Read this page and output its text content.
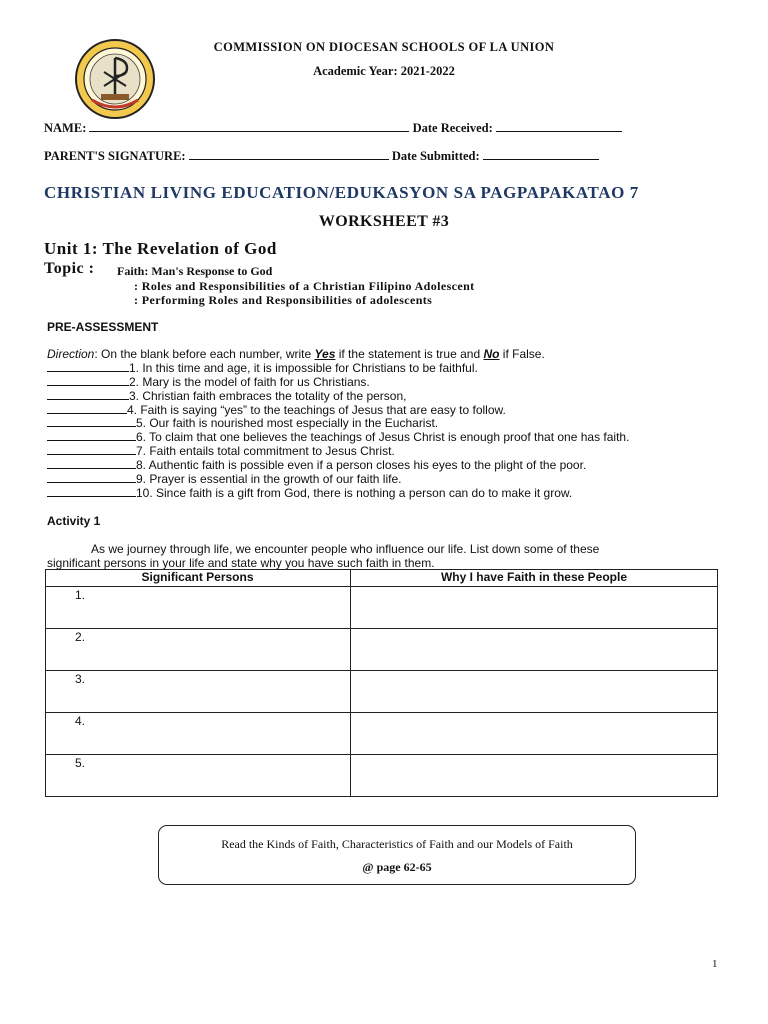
COMMISSION ON DIOCESAN SCHOOLS OF LA UNION
Academic Year: 2021-2022
NAME:	Date Received:
PARENT'S SIGNATURE:	Date Submitted:
CHRISTIAN LIVING EDUCATION/EDUKASYON SA PAGPAPAKATAO 7
WORKSHEET #3
Unit 1: The Revelation of God
Topic : Faith: Man's Response to God
: Roles and Responsibilities of a Christian Filipino Adolescent
: Performing Roles and Responsibilities of adolescents
PRE-ASSESSMENT
Direction: On the blank before each number, write Yes if the statement is true and No if False.
1. In this time and age, it is impossible for Christians to be faithful.
2. Mary is the model of faith for us Christians.
3. Christian faith embraces the totality of the person,
4. Faith is saying “yes” to the teachings of Jesus that are easy to follow.
5. Our faith is nourished most especially in the Eucharist.
6. To claim that one believes the teachings of Jesus Christ is enough proof that one has faith.
7. Faith entails total commitment to Jesus Christ.
8. Authentic faith is possible even if a person closes his eyes to the plight of the poor.
9. Prayer is essential in the growth of our faith life.
10. Since faith is a gift from God, there is nothing a person can do to make it grow.
Activity 1
As we journey through life, we encounter people who influence our life. List down some of these
significant persons in your life and state why you have such faith in them.
Significant Persons	Why I have Faith in these People
1.
2.
3.
4.
5.
Read the Kinds of Faith, Characteristics of Faith and our Models of Faith
@ page 62-65
1
